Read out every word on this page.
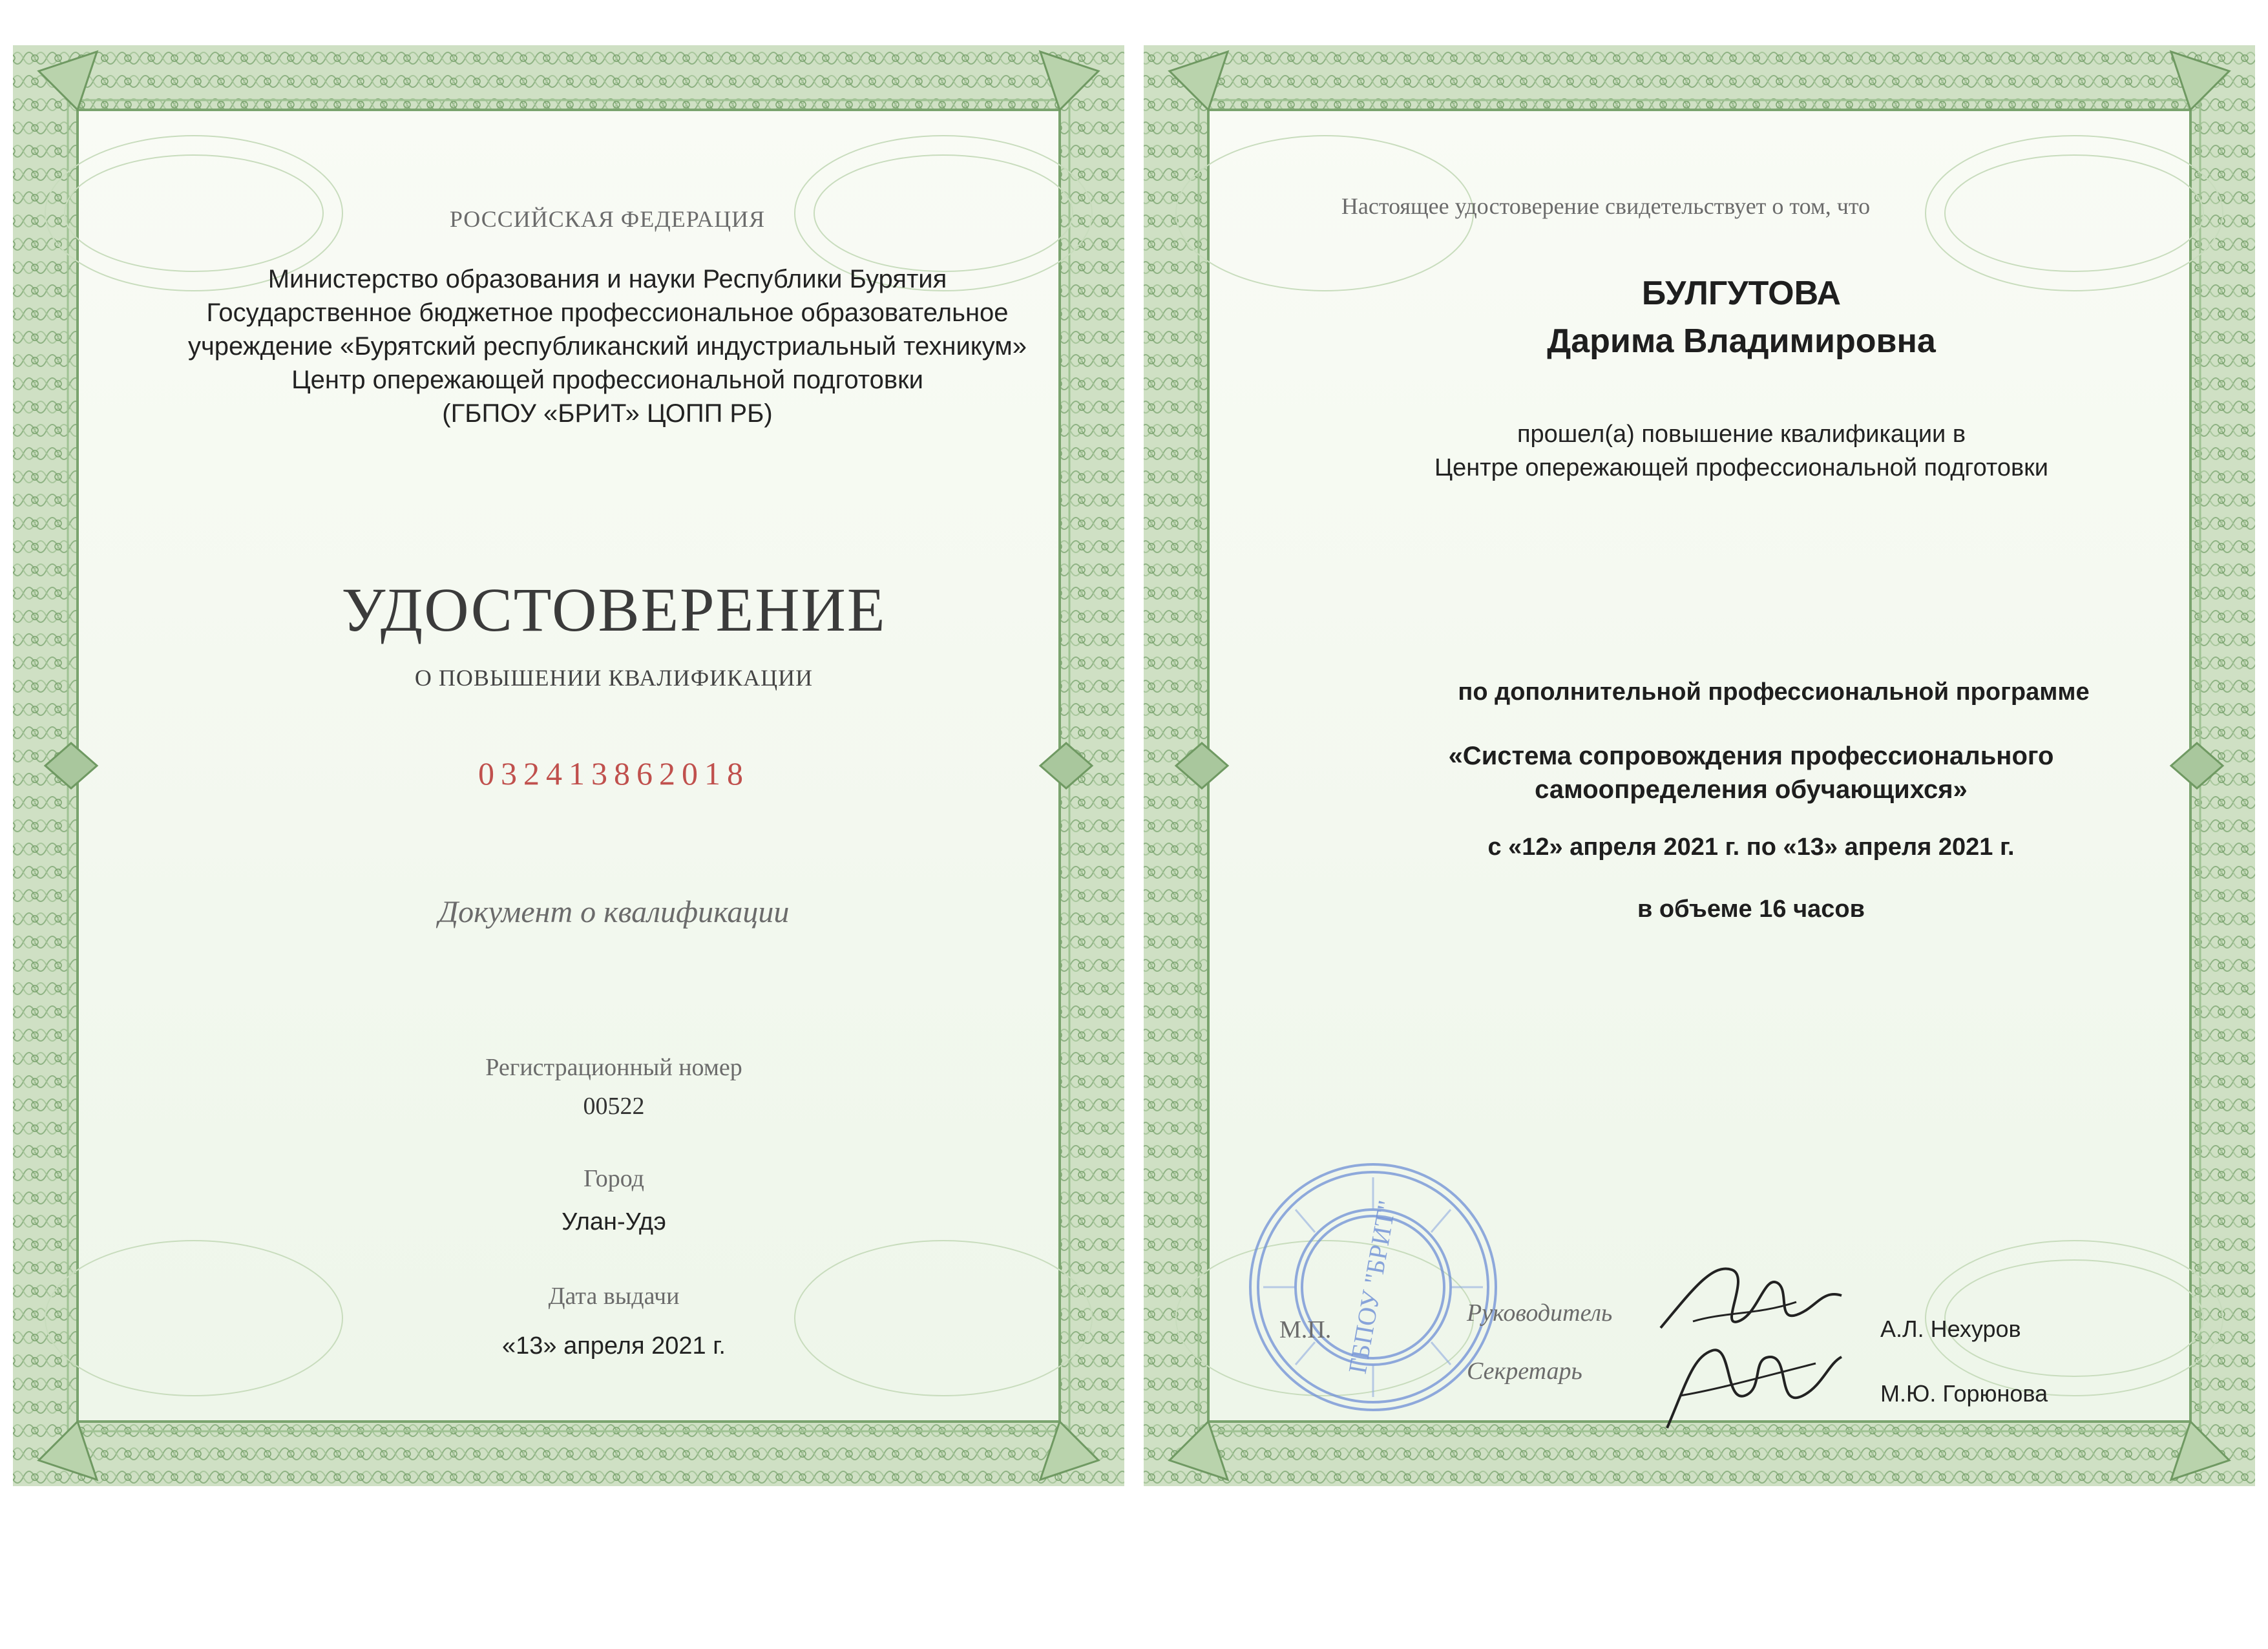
РОССИЙСКАЯ ФЕДЕРАЦИЯ
Министерство образования и науки Республики Бурятия
Государственное бюджетное профессиональное образовательное
учреждение «Бурятский республиканский индустриальный техникум»
Центр опережающей профессиональной подготовки
(ГБПОУ «БРИТ» ЦОПП РБ)
УДОСТОВЕРЕНИЕ
О ПОВЫШЕНИИ КВАЛИФИКАЦИИ
032413862018
Документ о квалификации
Регистрационный номер
00522
Город
Улан-Удэ
Дата выдачи
«13» апреля 2021 г.
Настоящее удостоверение свидетельствует о том, что
БУЛГУТОВА
Дарима Владимировна
прошел(а) повышение квалификации в
Центре опережающей профессиональной подготовки
по дополнительной профессиональной программе
«Система сопровождения профессионального
самоопределения обучающихся»
с «12» апреля 2021 г. по «13» апреля 2021 г.
в объеме 16 часов
ГБПОУ "БРИТ"
М.П.
Руководитель
Секретарь
А.Л. Нехуров
М.Ю. Горюнова
